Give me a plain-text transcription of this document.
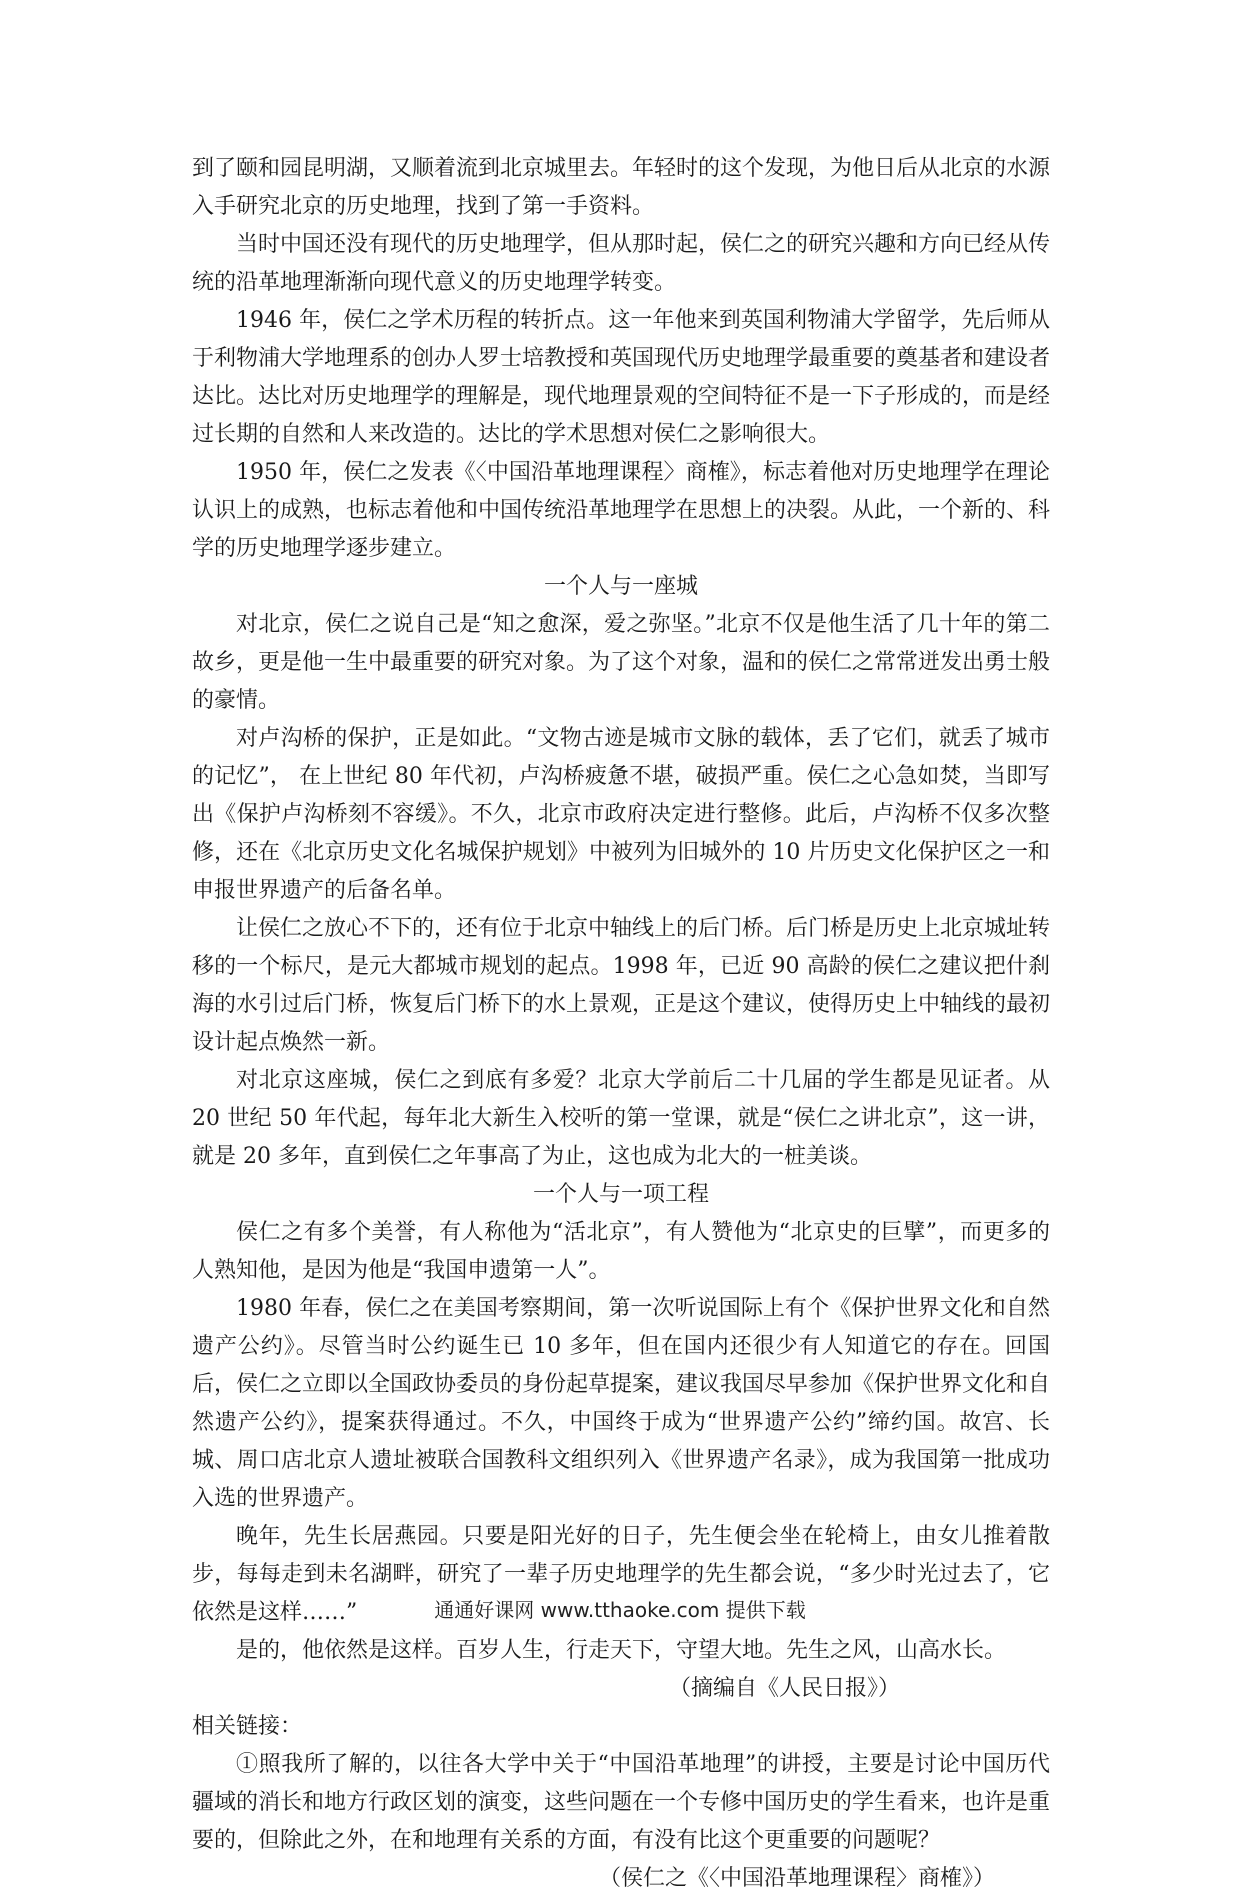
到了颐和园昆明湖，又顺着流到北京城里去。年轻时的这个发现，为他日后从北京的水源入手研究北京的历史地理，找到了第一手资料。

当时中国还没有现代的历史地理学，但从那时起，侯仁之的研究兴趣和方向已经从传统的沿革地理渐渐向现代意义的历史地理学转变。

1946 年，侯仁之学术历程的转折点。这一年他来到英国利物浦大学留学，先后师从于利物浦大学地理系的创办人罗士培教授和英国现代历史地理学最重要的奠基者和建设者达比。达比对历史地理学的理解是，现代地理景观的空间特征不是一下子形成的，而是经过长期的自然和人来改造的。达比的学术思想对侯仁之影响很大。

1950 年，侯仁之发表《〈中国沿革地理课程〉商榷》，标志着他对历史地理学在理论认识上的成熟，也标志着他和中国传统沿革地理学在思想上的决裂。从此，一个新的、科学的历史地理学逐步建立。

一个人与一座城

对北京，侯仁之说自己是“知之愈深，爱之弥坚。”北京不仅是他生活了几十年的第二故乡，更是他一生中最重要的研究对象。为了这个对象，温和的侯仁之常常迸发出勇士般的豪情。

对卢沟桥的保护，正是如此。“文物古迹是城市文脉的载体，丢了它们，就丢了城市的记忆”， 在上世纪 80 年代初，卢沟桥疲惫不堪，破损严重。侯仁之心急如焚，当即写出《保护卢沟桥刻不容缓》。不久，北京市政府决定进行整修。此后，卢沟桥不仅多次整修，还在《北京历史文化名城保护规划》中被列为旧城外的 10 片历史文化保护区之一和申报世界遗产的后备名单。

让侯仁之放心不下的，还有位于北京中轴线上的后门桥。后门桥是历史上北京城址转移的一个标尺，是元大都城市规划的起点。1998 年，已近 90 高龄的侯仁之建议把什刹海的水引过后门桥，恢复后门桥下的水上景观，正是这个建议，使得历史上中轴线的最初设计起点焕然一新。

对北京这座城，侯仁之到底有多爱？北京大学前后二十几届的学生都是见证者。从 20 世纪 50 年代起，每年北大新生入校听的第一堂课，就是“侯仁之讲北京”，这一讲，就是 20 多年，直到侯仁之年事高了为止，这也成为北大的一桩美谈。

一个人与一项工程

侯仁之有多个美誉，有人称他为“活北京”，有人赞他为“北京史的巨擘”，而更多的人熟知他，是因为他是“我国申遗第一人”。

1980 年春，侯仁之在美国考察期间，第一次听说国际上有个《保护世界文化和自然遗产公约》。尽管当时公约诞生已 10 多年，但在国内还很少有人知道它的存在。回国后，侯仁之立即以全国政协委员的身份起草提案，建议我国尽早参加《保护世界文化和自然遗产公约》，提案获得通过。不久，中国终于成为“世界遗产公约”缔约国。故宫、长城、周口店北京人遗址被联合国教科文组织列入《世界遗产名录》，成为我国第一批成功入选的世界遗产。

晚年，先生长居燕园。只要是阳光好的日子，先生便会坐在轮椅上，由女儿推着散步，每每走到未名湖畔，研究了一辈子历史地理学的先生都会说，“多少时光过去了，它依然是这样……”

是的，他依然是这样。百岁人生，行走天下，守望大地。先生之风，山高水长。

（摘编自《人民日报》）

相关链接：

①照我所了解的，以往各大学中关于“中国沿革地理”的讲授，主要是讨论中国历代疆域的消长和地方行政区划的演变，这些问题在一个专修中国历史的学生看来，也许是重要的，但除此之外，在和地理有关系的方面，有没有比这个更重要的问题呢？

（侯仁之《〈中国沿革地理课程〉商榷》）

通通好课网 www.tthaoke.com 提供下载
